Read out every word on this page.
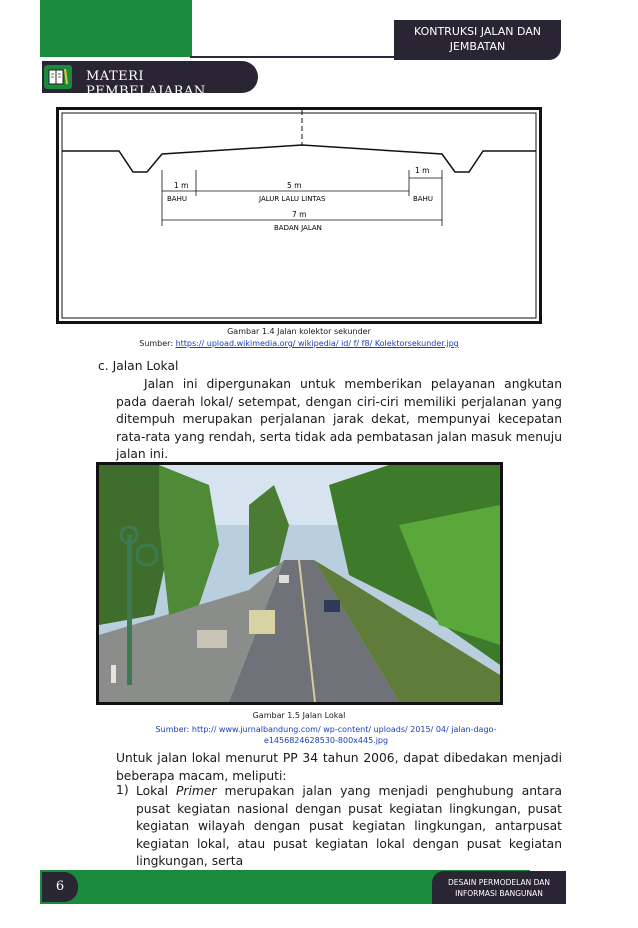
KONTRUKSI JALAN DAN
JEMBATAN
MATERI PEMBELAJARAN
1 m	5 m
1 m
BAHU	JALUR LALU LINTAS	BAHU
7 m
BADAN JALAN
Gambar 1.4 Jalan kolektor sekunder
Sumber: https:// upload.wikimedia.org/ wikipedia/ id/ f/ f8/ Kolektorsekunder.jpg
c. Jalan Lokal
Jalan ini dipergunakan untuk memberikan pelayanan angkutan pada daerah lokal/ setempat, dengan ciri-ciri memiliki perjalanan yang ditempuh merupakan perjalanan jarak dekat, mempunyai kecepatan rata-rata yang rendah, serta tidak ada pembatasan jalan masuk menuju jalan ini.
Gambar 1.5 Jalan Lokal
Sumber: http:// www.jurnalbandung.com/ wp-content/ uploads/ 2015/ 04/ jalan-dago-
e1456824628530-800x445.jpg
Untuk jalan lokal menurut PP 34 tahun 2006, dapat dibedakan menjadi beberapa macam, meliputi:
1) Lokal Primer merupakan jalan yang menjadi penghubung antara pusat kegiatan nasional dengan pusat kegiatan lingkungan, pusat kegiatan wilayah dengan pusat kegiatan lingkungan, antarpusat kegiatan lokal, atau pusat kegiatan lokal dengan pusat kegiatan lingkungan, serta
6	DESAIN PERMODELAN DAN
INFORMASI BANGUNAN
